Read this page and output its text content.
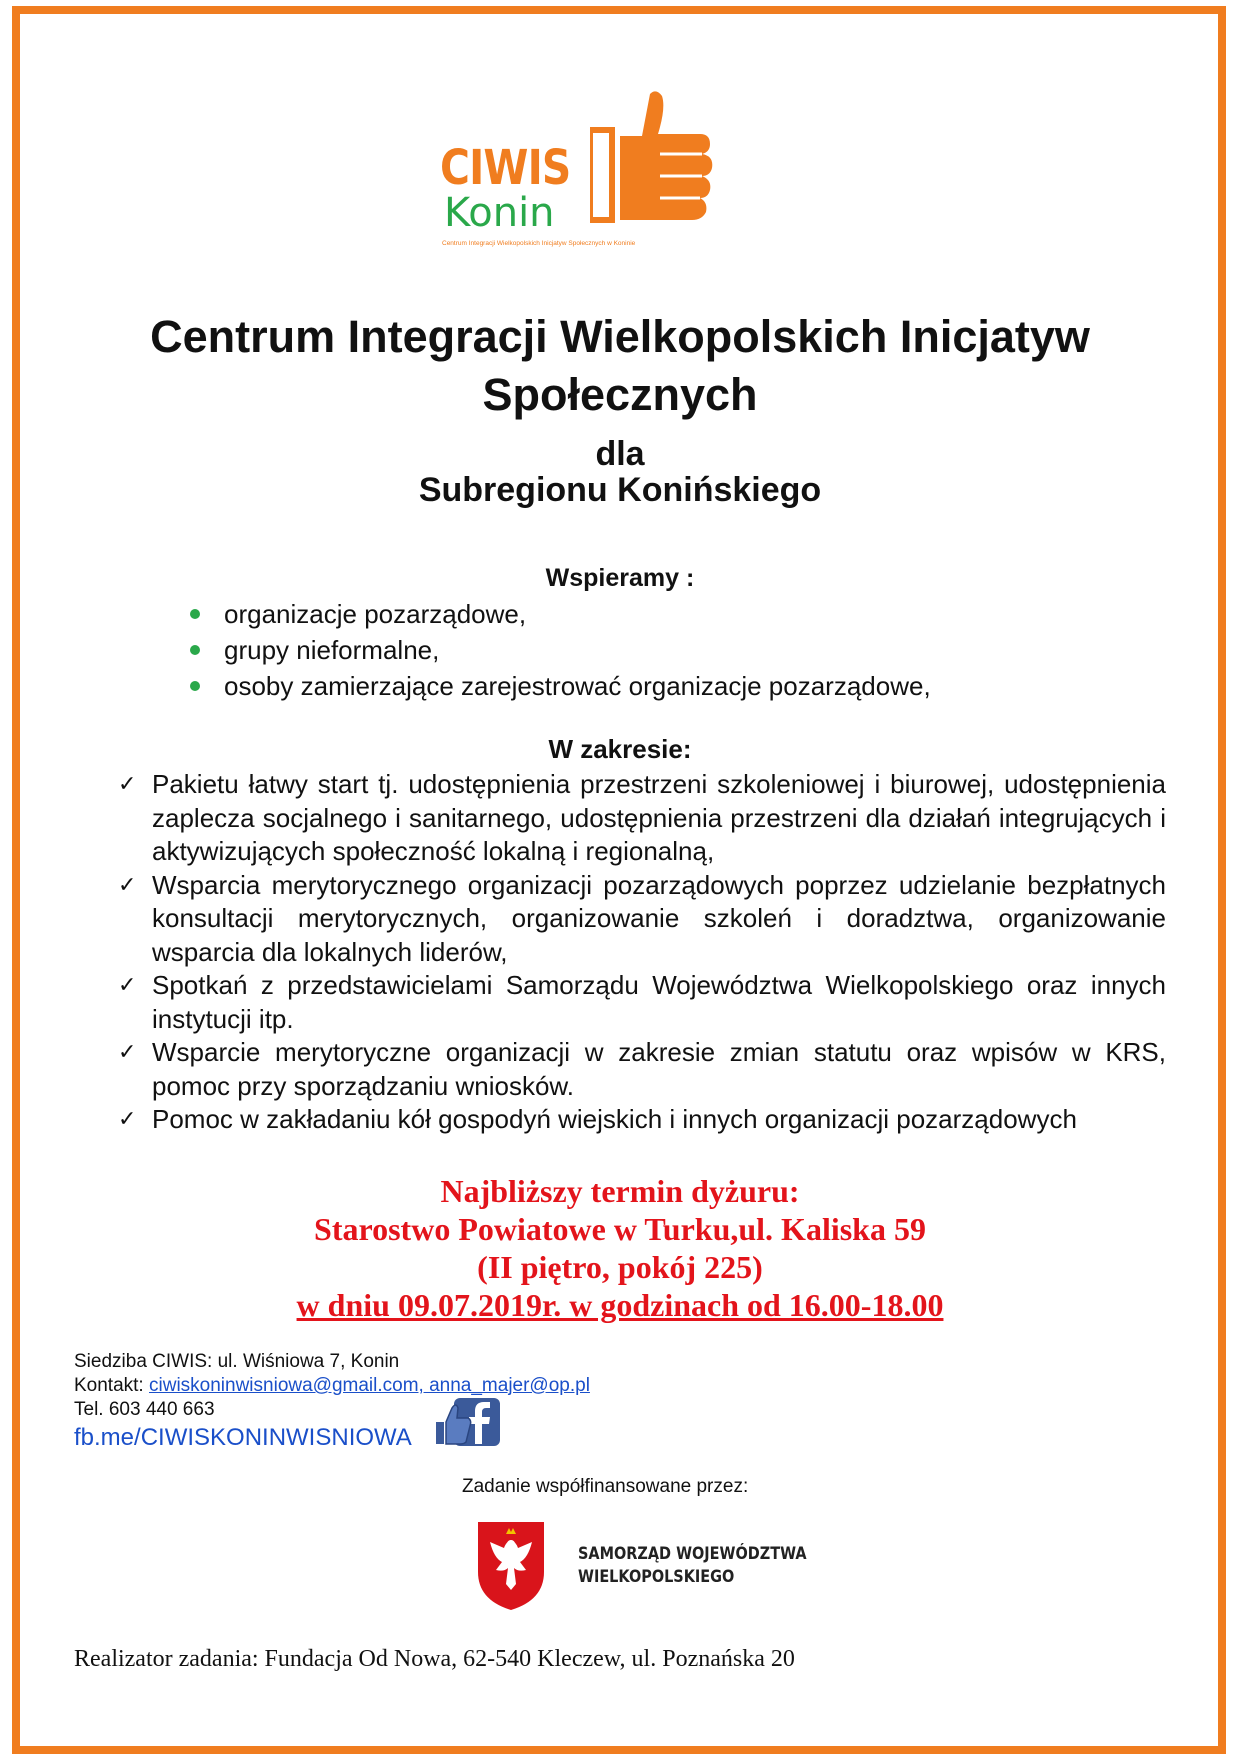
CIWIS
Konin
Centrum Integracji Wielkopolskich Inicjatyw Społecznych w Koninie
Centrum Integracji Wielkopolskich Inicjatyw
Społecznych
dla
Subregionu Konińskiego
Wspieramy :
organizacje pozarządowe,
grupy nieformalne,
osoby zamierzające zarejestrować organizacje pozarządowe,
W zakresie:
✓ Pakietu łatwy start tj. udostępnienia przestrzeni szkoleniowej i biurowej, udostępnienia zaplecza socjalnego i sanitarnego, udostępnienia przestrzeni dla działań integrujących i aktywizujących społeczność lokalną i regionalną,
✓ Wsparcia merytorycznego organizacji pozarządowych poprzez udzielanie bezpłatnych konsultacji merytorycznych, organizowanie szkoleń i doradztwa, organizowanie wsparcia dla lokalnych liderów,
✓ Spotkań z przedstawicielami Samorządu Województwa Wielkopolskiego oraz innych instytucji itp.
✓ Wsparcie merytoryczne organizacji w zakresie zmian statutu oraz wpisów w KRS, pomoc przy sporządzaniu wniosków.
✓ Pomoc w zakładaniu kół gospodyń wiejskich i innych organizacji pozarządowych
Najbliższy termin dyżuru:
Starostwo Powiatowe w Turku,ul. Kaliska 59
(II piętro, pokój 225)
w dniu 09.07.2019r. w godzinach od 16.00-18.00
Siedziba CIWIS: ul. Wiśniowa 7, Konin
Kontakt: ciwiskoninwisniowa@gmail.com, anna_majer@op.pl
Tel. 603 440 663
fb.me/CIWISKONINWISNIOWA
Zadanie współfinansowane przez:
SAMORZĄD WOJEWÓDZTWA
WIELKOPOLSKIEGO
Realizator zadania: Fundacja Od Nowa, 62-540 Kleczew, ul. Poznańska 20
